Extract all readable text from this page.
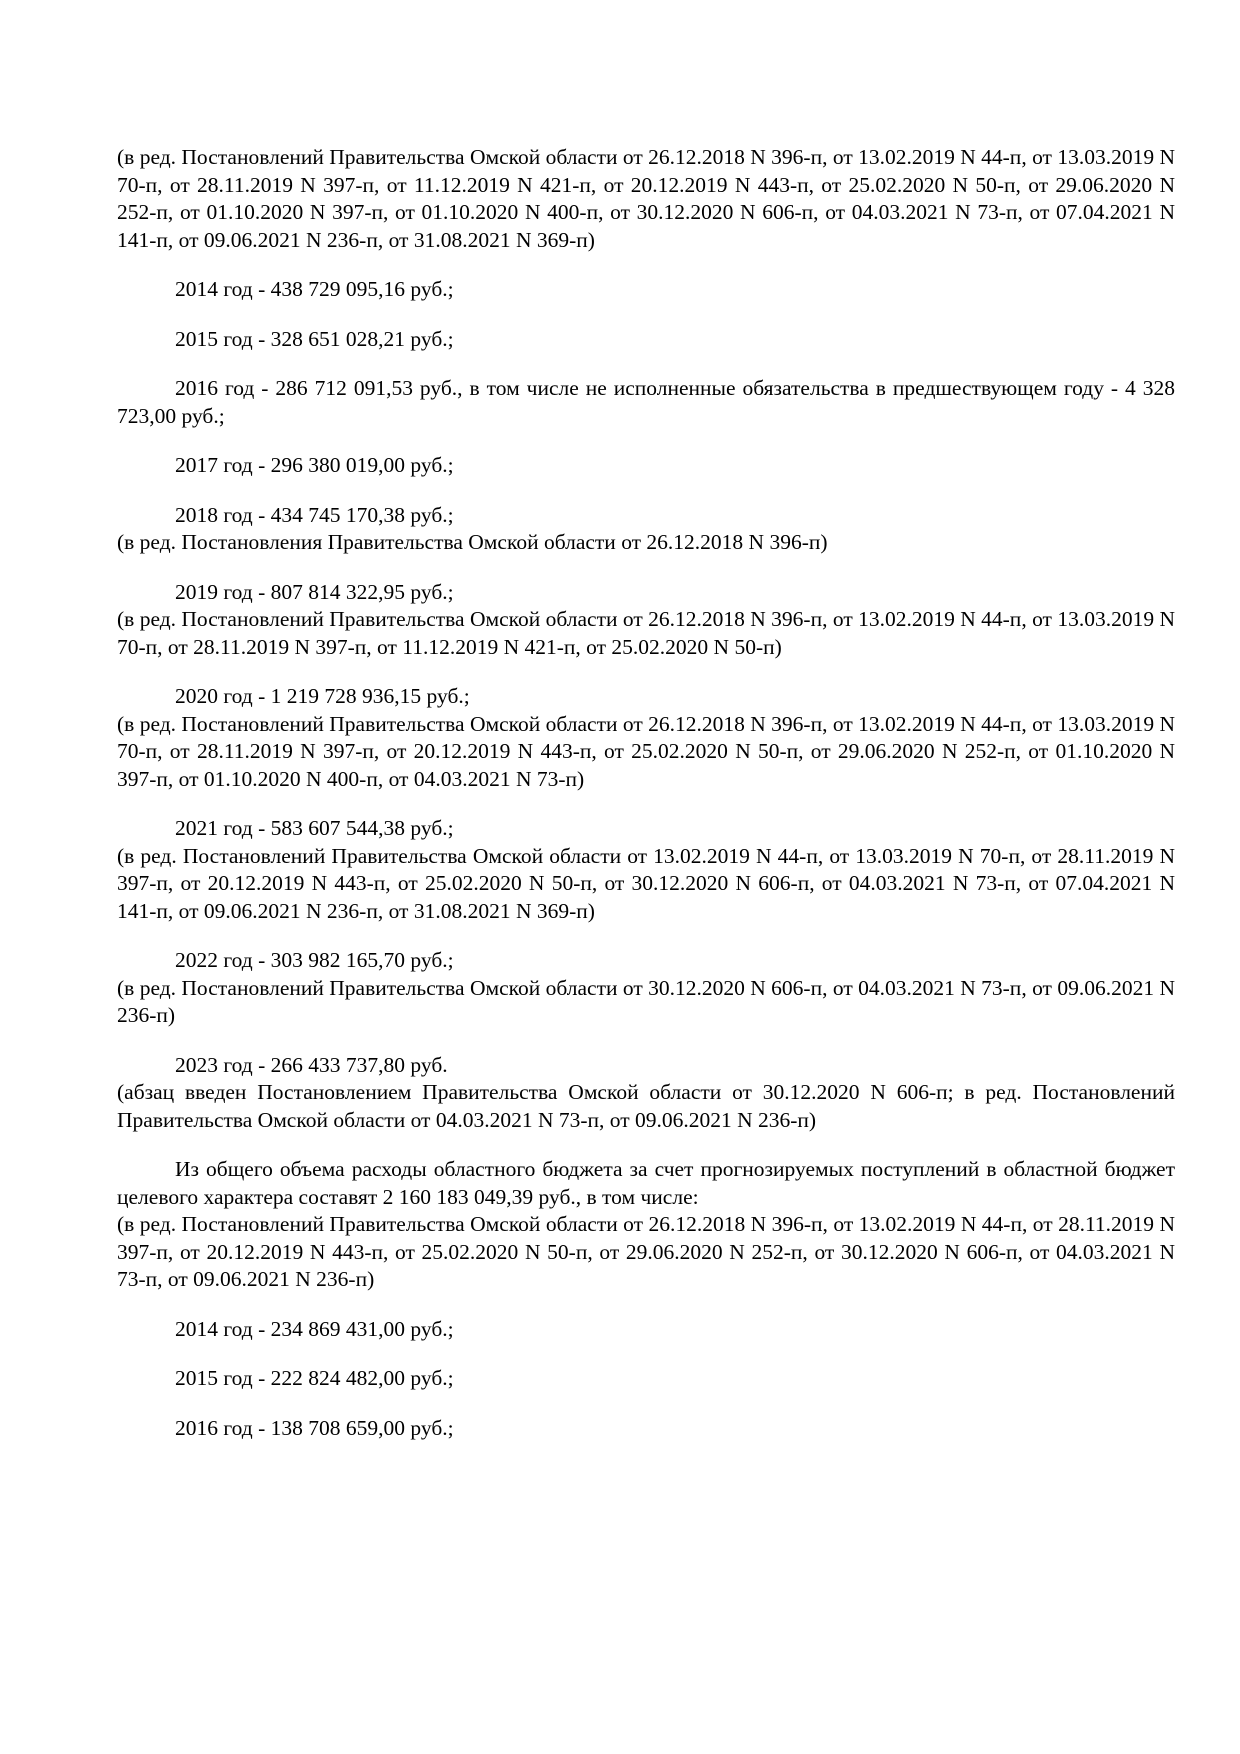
(в ред. Постановлений Правительства Омской области от 26.12.2018 N 396-п, от 13.02.2019 N 44-п, от 13.03.2019 N 70-п, от 28.11.2019 N 397-п, от 11.12.2019 N 421-п, от 20.12.2019 N 443-п, от 25.02.2020 N 50-п, от 29.06.2020 N 252-п, от 01.10.2020 N 397-п, от 01.10.2020 N 400-п, от 30.12.2020 N 606-п, от 04.03.2021 N 73-п, от 07.04.2021 N 141-п, от 09.06.2021 N 236-п, от 31.08.2021 N 369-п)

2014 год - 438 729 095,16 руб.;

2015 год - 328 651 028,21 руб.;

2016 год - 286 712 091,53 руб., в том числе не исполненные обязательства в предшествующем году - 4 328 723,00 руб.;

2017 год - 296 380 019,00 руб.;

2018 год - 434 745 170,38 руб.;

(в ред. Постановления Правительства Омской области от 26.12.2018 N 396-п)

2019 год - 807 814 322,95 руб.;

(в ред. Постановлений Правительства Омской области от 26.12.2018 N 396-п, от 13.02.2019 N 44-п, от 13.03.2019 N 70-п, от 28.11.2019 N 397-п, от 11.12.2019 N 421-п, от 25.02.2020 N 50-п)

2020 год - 1 219 728 936,15 руб.;

(в ред. Постановлений Правительства Омской области от 26.12.2018 N 396-п, от 13.02.2019 N 44-п, от 13.03.2019 N 70-п, от 28.11.2019 N 397-п, от 20.12.2019 N 443-п, от 25.02.2020 N 50-п, от 29.06.2020 N 252-п, от 01.10.2020 N 397-п, от 01.10.2020 N 400-п, от 04.03.2021 N 73-п)

2021 год - 583 607 544,38 руб.;

(в ред. Постановлений Правительства Омской области от 13.02.2019 N 44-п, от 13.03.2019 N 70-п, от 28.11.2019 N 397-п, от 20.12.2019 N 443-п, от 25.02.2020 N 50-п, от 30.12.2020 N 606-п, от 04.03.2021 N 73-п, от 07.04.2021 N 141-п, от 09.06.2021 N 236-п, от 31.08.2021 N 369-п)

2022 год - 303 982 165,70 руб.;

(в ред. Постановлений Правительства Омской области от 30.12.2020 N 606-п, от 04.03.2021 N 73-п, от 09.06.2021 N 236-п)

2023 год - 266 433 737,80 руб.

(абзац введен Постановлением Правительства Омской области от 30.12.2020 N 606-п; в ред. Постановлений Правительства Омской области от 04.03.2021 N 73-п, от 09.06.2021 N 236-п)

Из общего объема расходы областного бюджета за счет прогнозируемых поступлений в областной бюджет целевого характера составят 2 160 183 049,39 руб., в том числе:

(в ред. Постановлений Правительства Омской области от 26.12.2018 N 396-п, от 13.02.2019 N 44-п, от 28.11.2019 N 397-п, от 20.12.2019 N 443-п, от 25.02.2020 N 50-п, от 29.06.2020 N 252-п, от 30.12.2020 N 606-п, от 04.03.2021 N 73-п, от 09.06.2021 N 236-п)

2014 год - 234 869 431,00 руб.;

2015 год - 222 824 482,00 руб.;

2016 год - 138 708 659,00 руб.;
